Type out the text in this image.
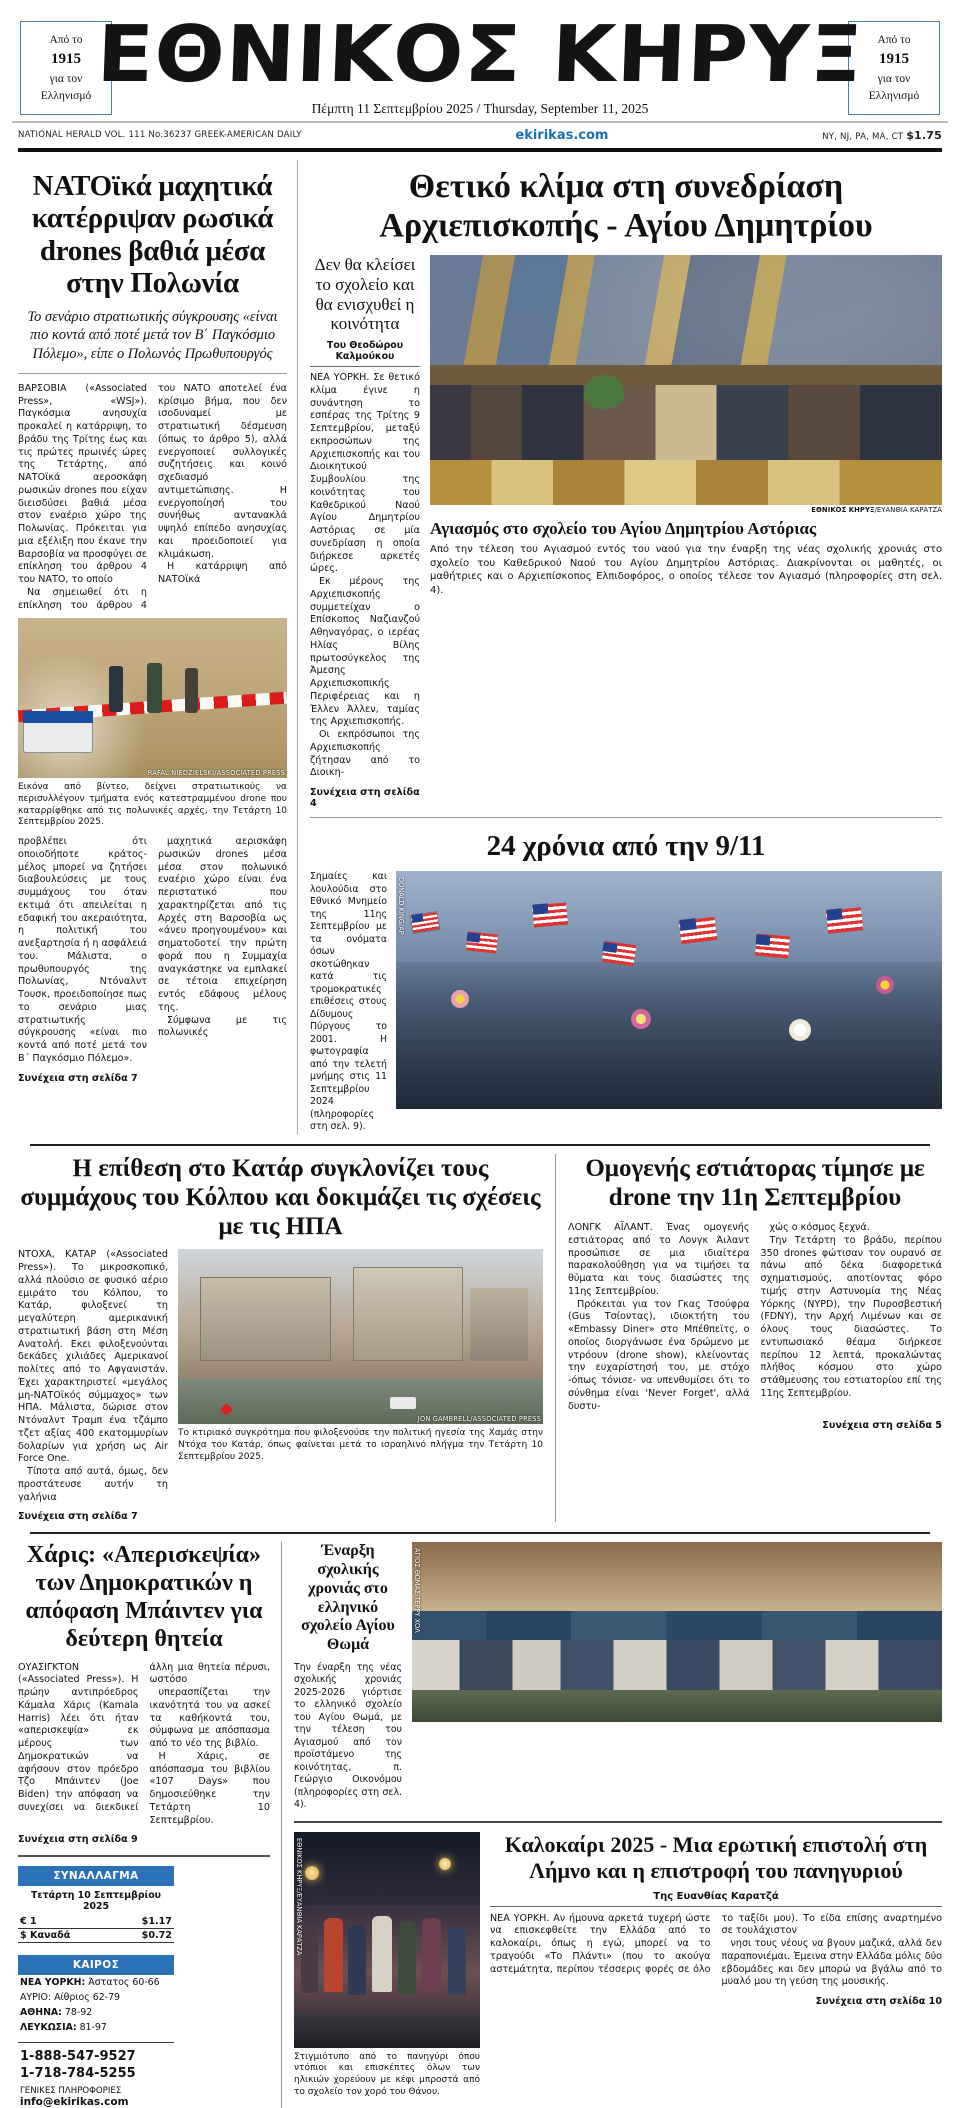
Από το
1915
για τον
Ελληνισμό ΕΘΝΙΚΟΣ ΚΗΡΥΞ
Πέμπτη 11 Σεπτεμβρίου 2025 / Thursday, September 11, 2025
Από το
1915
για τον
Ελληνισμό
NATIONAL HERALD VOL. 111 No.36237 GREEK-AMERICAN DAILY	ekirikas.com	NY, NJ, PA, MA, CT $1.75
ΝΑΤΟϊκά μαχητικά κατέρριψαν ρωσικά drones βαθιά μέσα στην Πολωνία
Το σενάριο στρατιωτικής σύγκρουσης «είναι πιο κοντά από ποτέ μετά τον Β΄ Παγκόσμιο Πόλεμο», είπε ο Πολωνός Πρωθυπουργός

ΒΑΡΣΟΒΙΑ («Associated Press», «WSJ»). Παγκόσμια ανησυχία προκαλεί η κατάρριψη, το βράδυ της Τρίτης έως και τις πρώτες πρωινές ώρες της Τετάρτης, από ΝΑΤΟϊκά αεροσκάφη ρωσικών drones που είχαν διεισδύσει βαθιά μέσα στον εναέριο χώρο της Πολωνίας. Πρόκειται για μια εξέλιξη που έκανε την Βαρσοβία να προσφύγει σε επίκληση του άρθρου 4 του ΝΑΤΟ, το οποίο

Να σημειωθεί ότι η επίκληση του άρθρου 4 του ΝΑΤΟ αποτελεί ένα κρίσιμο βήμα, που δεν ισοδυναμεί με στρατιωτική δέσμευση (όπως το άρθρο 5), αλλά ενεργοποιεί συλλογικές συζητήσεις και κοινό σχεδιασμό αντιμετώπισης. Η ενεργοποίησή του συνήθως αντανακλά υψηλό επίπεδο ανησυχίας και προειδοποιεί για κλιμάκωση.

Η κατάρριψη από ΝΑΤΟϊκά

RAFAL NIEDZIELSKI/ΑSSOCIATED PRESS
Εικόνα από βίντεο, δείχνει στρατιωτικούς να περισυλλέγουν τμήματα ενός κατεστραμμένου drone που καταρρίφθηκε από τις πολωνικές αρχές, την Τετάρτη 10 Σεπτεμβρίου 2025.

προβλέπει ότι οποιοδήποτε κράτος-μέλος μπορεί να ζητήσει διαβουλεύσεις με τους συμμάχους του όταν εκτιμά ότι απειλείται η εδαφική του ακεραιότητα, η πολιτική του ανεξαρτησία ή η ασφάλειά του. Μάλιστα, ο πρωθυπουργός της Πολωνίας, Ντόναλντ Τουσκ, προειδοποίησε πως το σενάριο μιας στρατιωτικής σύγκρουσης «είναι πιο κοντά από ποτέ μετά τον Β΄ Παγκόσμιο Πόλεμο».

μαχητικά αερισκάφη ρωσικών drones μέσα μέσα στον πολωνικό εναέριο χώρο είναι ένα περιστατικό που χαρακτηρίζεται από τις Αρχές στη Βαρσοβία ως «άνευ προηγουμένου» και σηματοδοτεί την πρώτη φορά που η Συμμαχία αναγκάστηκε να εμπλακεί σε τέτοια επιχείρηση εντός εδάφους μέλους της.

Σύμφωνα με τις πολωνικές

Συνέχεια στη σελίδα 7
Θετικό κλίμα στη συνεδρίαση Αρχιεπισκοπής - Αγίου Δημητρίου
Δεν θα κλείσει το σχολείο και θα ενισχυθεί η κοινότητα
Του Θεοδώρου Καλμούκου

ΝΕΑ ΥΟΡΚΗ. Σε θετικό κλίμα έγινε η συνάντηση το εσπέρας της Τρίτης 9 Σεπτεμβρίου, μεταξύ εκπροσώπων της Αρχιεπισκοπής και του Διοικητικού Συμβουλίου της κοινότητας του Καθεδρικού Ναού Αγίου Δημητρίου Αστόριας σε μία συνεδρίαση η οποία διήρκεσε αρκετές ώρες.

Εκ μέρους της Αρχιεπισκοπής συμμετείχαν ο Επίσκοπος Ναζιανζού Αθηναγόρας, ο ιερέας Ηλίας Βίλης πρωτοσύγκελος της Άμεσης Αρχιεπισκοπικής Περιφέρειας και η Έλλεν Άλλεν, ταμίας της Αρχιεπισκοπής.

Οι εκπρόσωποι της Αρχιεπισκοπής ζήτησαν από το Διοικη-

Συνέχεια στη σελίδα 4
ΕΘΝΙΚΟΣ ΚΗΡΥΞ/ΕΥΑΝΘΙΑ ΚΑΡΑΤΖΑ
Αγιασμός στο σχολείο του Αγίου Δημητρίου Αστόριας
Από την τέλεση του Αγιασμού εντός του ναού για την έναρξη της νέας σχολικής χρονιάς στο σχολείο του Καθεδρικού Ναού του Αγίου Δημητρίου Αστόριας. Διακρίνονται οι μαθητές, οι μαθήτριες και ο Αρχιεπίσκοπος Ελπιδοφόρος, ο οποίος τέλεσε τον Αγιασμό (πληροφορίες στη σελ. 4).
24 χρόνια από την 9/11
Σημαίες και λουλούδια στο Εθνικό Μνημείο της 11ης Σεπτεμβρίου με τα ονόματα όσων σκοτώθηκαν κατά τις τρομοκρατικές επιθέσεις στους Δίδυμους Πύργους το 2001. Η φωτογραφία από την τελετή μνήμης στις 11 Σεπτεμβρίου 2024 (πληροφορίες στη σελ. 9).
DONALD KING/AP
Η επίθεση στο Κατάρ συγκλονίζει τους συμμάχους του Κόλπου και δοκιμάζει τις σχέσεις με τις ΗΠΑ

ΝΤΟΧΑ, ΚΑΤΑΡ («Associated Press»). Το μικροσκοπικό, αλλά πλούσιο σε φυσικό αέριο εμιράτο του Κόλπου, το Κατάρ, φιλοξενεί τη μεγαλύτερη αμερικανική στρατιωτική βάση στη Μέση Ανατολή. Εκει φιλοξενούνται δεκάδες χιλιάδες Αμερικανοί πολίτες από το Αφγανιστάν. Έχει χαρακτηριστεί «μεγάλος μη-ΝΑΤΟϊκός σύμμαχος» των ΗΠΑ. Μάλιστα, δώρισε στον Ντόναλντ Τραμπ ένα τζάμπο τζετ αξίας 400 εκατομμυρίων δολαρίων για χρήση ως Air Force One.

Τίποτα από αυτά, όμως, δεν προστάτευσε αυτήν τη γαλήνια

Συνέχεια στη σελίδα 7
JON GAMBRELL/ΑSSOCIATED PRESS
Το κτιριακό συγκρότημα που φιλοξενούσε την πολιτική ηγεσία της Χαμάς στην Ντόχα του Κατάρ, όπως φαίνεται μετά το ισραηλινό πλήγμα την Τετάρτη 10 Σεπτεμβρίου 2025.
Ομογενής εστιάτορας τίμησε με drone την 11η Σεπτεμβρίου

ΛΟΝΓΚ ΑΪΛΑΝΤ. Ένας ομογενής εστιάτορας από το Λονγκ Άιλαντ προσώπισε σε μια ιδιαίτερα παρακολούθηση για να τιμήσει τα θύματα και τους διασώστες της 11ης Σεπτεμβρίου.

Πρόκειται για τον Γκας Τσούφρα (Gus Τσίοντας), ιδιοκτήτη του «Embassy Diner» στο Μπέθπεϊτς, ο οποίος διοργάνωσε ένα δρώμενο με ντρόουν (drone show), κλείνοντας την ευχαρίστησή του, με στόχο -όπως τόνισε- να υπενθυμίσει ότι το σύνθημα είναι 'Never Forget', αλλά δυστυ-

χώς ο κόσμος ξεχνά.

Την Τετάρτη το βράδυ, περίπου 350 drones φώτισαν τον ουρανό σε πάνω από δέκα διαφορετικά σχηματισμούς, αποτίοντας φόρο τιμής στην Αστυνομία της Νέας Υόρκης (NYPD), την Πυροσβεστική (FDNY), την Αρχή Λιμένων και σε όλους τους διασώστες. Το εντυπωσιακό θέαμα διήρκεσε περίπου 12 λεπτά, προκαλώντας πλήθος κόσμου στο χώρο στάθμευσης του εστιατορίου επί της 11ης Σεπτεμβρίου.

Συνέχεια στη σελίδα 5
Χάρις: «Απερισκεψία» των Δημοκρατικών η απόφαση Μπάιντεν για δεύτερη θητεία

ΟΥΑΣΙΓΚΤΟΝ («Associated Press»). Η πρώην αντιπρόεδρος Κάμαλα Χάρις (Kamala Harris) λέει ότι ήταν «απερισκεψία» εκ μέρους των Δημοκρατικών να αφήσουν στον πρόεδρο Τζο Μπάιντεν (Joe Biden) την απόφαση να συνεχίσει να διεκδικεί άλλη μια θητεία πέρυσι, ωστόσο

υπερασπίζεται την ικανότητά του να ασκεί τα καθήκοντά του, σύμφωνα με απόσπασμα από το νέο της βιβλίο.

Η Χάρις, σε απόσπασμα του βιβλίου «107 Days» που δημοσιεύθηκε την Τετάρτη 10 Σεπτεμβρίου.

Συνέχεια στη σελίδα 9
ΣΥΝΑΛΛΑΓΜΑ
Τετάρτη 10 Σεπτεμβρίου 2025
€ 1	$1.17
$ Καναδά	$0.72
ΚΑΙΡΟΣ
ΝΕΑ ΥΟΡΚΗ: Άστατος 60-66
ΑΥΡΙΟ: Αίθριος 62-79
ΑΘΗΝΑ: 78-92
ΛΕΥΚΩΣΙΑ: 81-97
1-888-547-9527
1-718-784-5255
ΓΕΝΙΚΕΣ ΠΛΗΡΟΦΟΡΙΕΣ
info@ekirikas.com
Έναρξη σχολικής χρονιάς στο ελληνικό σχολείο Αγίου Θωμά
Την έναρξη της νέας σχολικής χρονιάς 2025-2026 γιόρτισε το ελληνικό σχολείο του Αγίου Θωμά, με την τέλεση του Αγιασμού από τον προϊστάμενο της κοινότητας, π. Γεώργιο Οικονόμου (πληροφορίες στη σελ. 4).
ΑΓΙΟΣ ΘΩΜΑΣ ΤΕΡΡΥ ΧΟΛ
ΕΘΝΙΚΟΣ ΚΗΡΥΞ/ΕΥΑΝΘΙΑ ΚΑΡΑΤΖΑ
Στιγμιότυπο από το πανηγύρι όπου ντόπιοι και επισκέπτες όλων των ηλικιών χορεύουν με κέφι μπροστά από το σχολείο τον χορό του Θάνου.
Καλοκαίρι 2025 - Μια ερωτική επιστολή στη Λήμνο και η επιστροφή του πανηγυριού
Της Ευανθίας Καρατζά

ΝΕΑ ΥΟΡΚΗ. Αν ήμουνα αρκετά τυχερή ώστε να επισκεφθείτε την Ελλάδα από το καλοκαίρι, όπως η εγώ, μπορεί να το τραγούδι «Το Πλάντι» (που το ακούγα αστεμάτητα, περίπου τέσσερις φορές σε όλο το ταξίδι μου). Το είδα επίσης αναρτημένο σε τουλάχιστον

νησι τους νέους να βγουν μαζικά, αλλά δεν παραπονιέμαι. Έμεινα στην Ελλάδα μόλις δύο εβδομάδες και δεν μπορώ να βγάλω από το μυαλό μου τη γεύση της μουσικής.

Συνέχεια στη σελίδα 10
